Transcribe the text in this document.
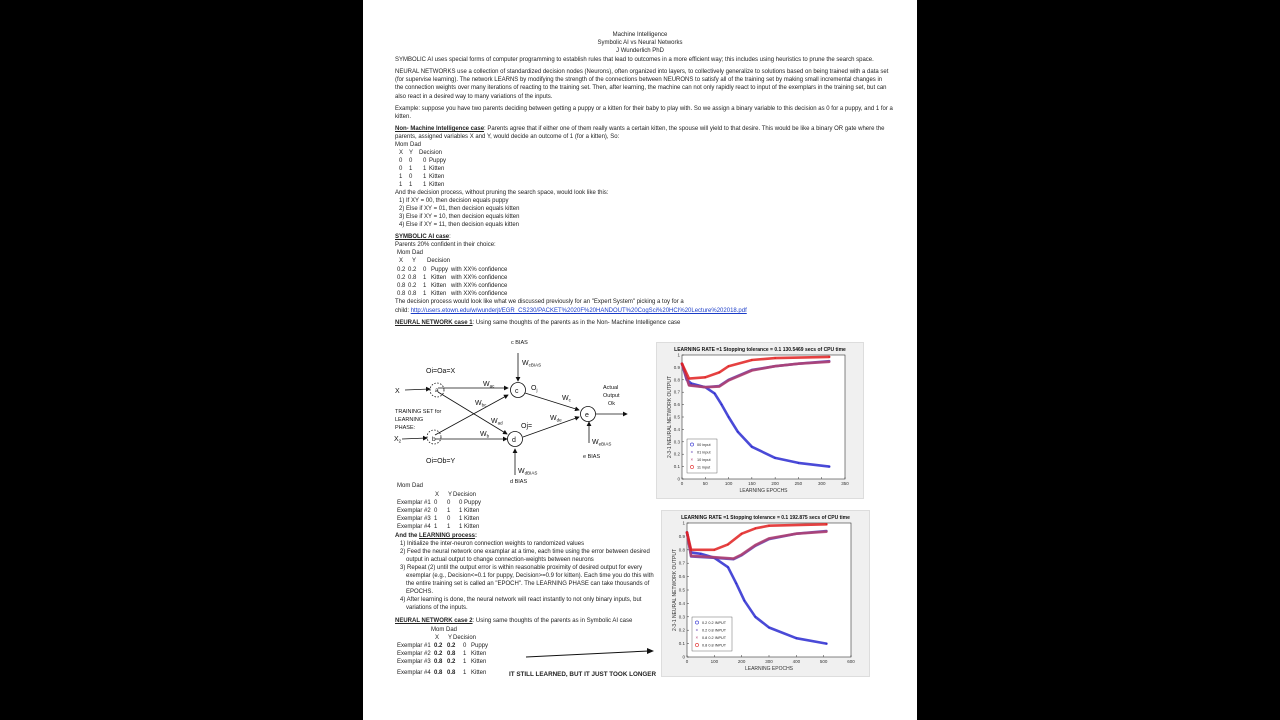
Machine Intelligence
Symbolic AI vs Neural Networks
J Wunderlich PhD
SYMBOLIC AI uses special forms of computer programming to establish rules that lead to outcomes in a more efficient way; this includes using heuristics to prune the search space.
NEURAL NETWORKS use a collection of standardized decision nodes (Neurons), often organized into layers, to collectively generalize to solutions based on being trained with a data set
(for supervise learning). The network LEARNS by modifying the strength of the connections between NEURONS to satisfy all of the training set by making small incremental changes in
the connection weights over many iterations of reacting to the training set. Then, after learning, the machine can not only rapidly react to input of the exemplars in the training set, but can
also react in a desired way to many variations of the inputs.
Example: suppose you have two parents deciding between getting a puppy or a kitten for their baby to play with. So we assign a binary variable to this decision as 0 for a puppy, and 1 for a
kitten.
Non- Machine Intelligence case: Parents agree that if either one of them really wants a certain kitten, the spouse will yield to that desire. This would be like a binary OR gate where the
parents, assigned variables X and Y, would decide an outcome of 1 (for a kitten), So:
Mom Dad
X Y Decision
And the decision process, without pruning the search space, would look like this:
1) If XY = 00, then decision equals puppy
2) Else if XY = 01, then decision equals kitten
3) Else if XY = 10, then decision equals kitten
4) Else if XY = 11, then decision equals kitten
SYMBOLIC AI case:
Parents 20% confident in their choice:
Mom Dad
X Y Decision
The decision process would look like what we discussed previously for an "Expert System" picking a toy for a
child: http://users.etown.edu/w/wunderjt/EGR_CS230/PACKET%2020F%20HANDOUT%20CogSci%20HCI%20Lecture%202018.pdf
NEURAL NETWORK case 1: Using same thoughts of the parents as in the Non- Machine Intelligence case
c BIAS
$W_{cBIAS}$
Oi=Oa=X
X	a
b
c
d
e
$W_{ac}$
$W_{bc}$
$W_{ad}$
$W_b$
TRAINING SET for
LEARNING
PHASE:
$X_2$
Oi=Ob=Y
$O_j$
$W_c$
Oj=
$W_{de}$
Actual
Output
Ok
$W_{eBIAS}$
e BIAS
$W_{dBIAS}$
d BIAS
Mom Dad
X YDecision
And the LEARNING process:
NEURAL NETWORK case 2: Using same thoughts of the parents as in Symbolic AI case
Mom Dad
X YDecision
IT STILL LEARNED, BUT IT JUST TOOK LONGER
LEARNING RATE =1 Stopping tolerance = 0.1 130.5469 secs of CPU time
0	50	100	150	200	250	300	350
0
0.1
0.2
0.3
0.4
0.5
0.6
0.7
0.8
0.9
1
LEARNING EPOCHS
2-3-1 NEURAL NETWORK OUTPUT	00 input
× 01 input
× 10 input
11 input
LEARNING RATE =1 Stopping tolerance = 0.1 192.875 secs of CPU time
0	100	200	300	400	500	600
0
0.1
0.2
0.3
0.4
0.5
0.6
0.7
0.8
0.9
1
LEARNING EPOCHS
2-3-1 NEURAL NETWORK OUTPUT	0.2 0.2 INPUT
× 0.2 0.8 INPUT
× 0.8 0.2 INPUT
0.8 0.8 INPUT
0 0 0 Puppy
0 1 1 Kitten
1 0 1 Kitten
1 1 1 Kitten
0.2 0.2 0 Puppy with XX% confidence
0.2 0.8 1 Kitten with XX% confidence
0.8 0.2 1 Kitten with XX% confidence
0.8 0.8 1 Kitten with XX% confidence
Exemplar #1 0 0 0 Puppy
Exemplar #2 0 1 1 Kitten
Exemplar #3 1 0 1 Kitten
Exemplar #4 1 1 1 Kitten
Exemplar #1 0.2 0.2 0 Puppy
Exemplar #2 0.2 0.8 1 Kitten
Exemplar #3 0.8 0.2 1 Kitten
Exemplar #4 0.8 0.8 1 Kitten
1) Initialize the inter-neuron connection weights to randomized values
2) Feed the neural network one examplar at a time, each time using the error between desired
output in actual output to change connection-weights between neurons
3) Repeat (2) until the output error is within reasonable proximity of desired output for every
exemplar (e.g., Decision<=0.1 for puppy, Decision>=0.9 for kitten). Each time you do this with
the entire training set is called an "EPOCH". The LEARNING PHASE can take thousands of
EPOCHS.
4) After learning is done, the neural network will react instantly to not only binary inputs, but
variations of the inputs.
